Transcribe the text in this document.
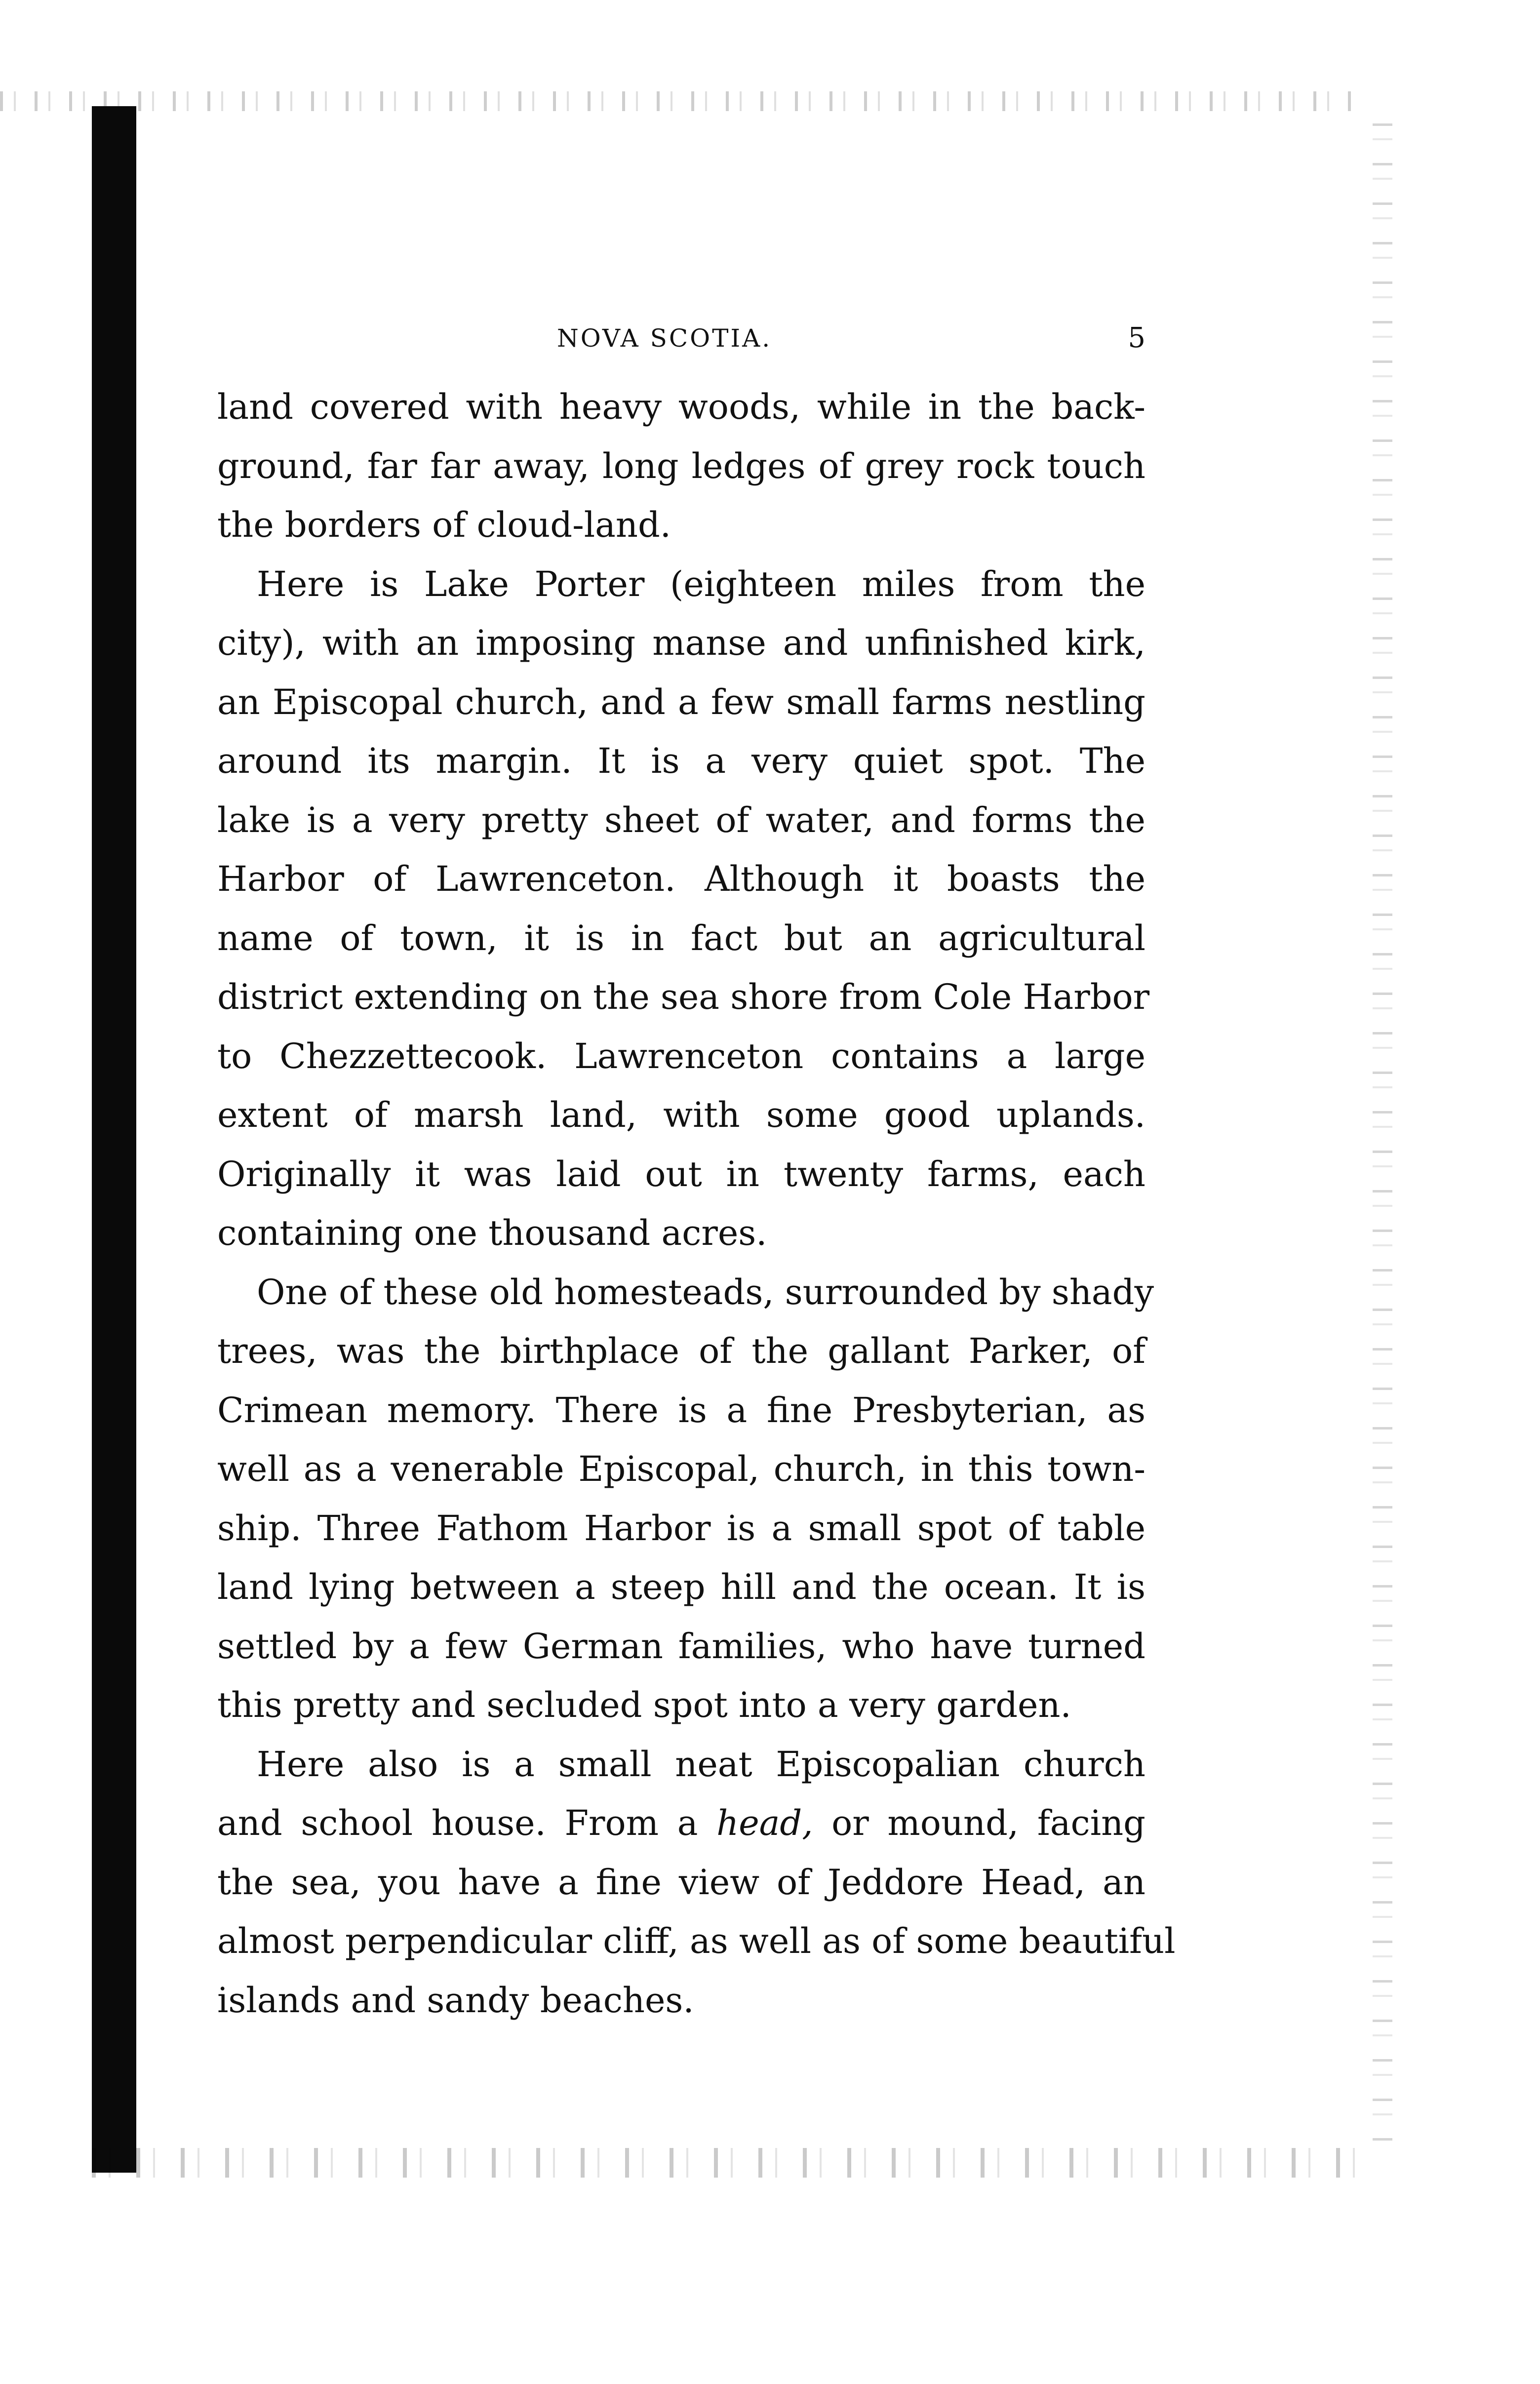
NOVA SCOTIA.	5

land covered with heavy woods, while in the back-
ground, far far away, long ledges of grey rock touch
the borders of cloud-land.

Here is Lake Porter (eighteen miles from the
city), with an imposing manse and unfinished kirk,
an Episcopal church, and a few small farms nestling
around its margin. It is a very quiet spot. The
lake is a very pretty sheet of water, and forms the
Harbor of Lawrenceton. Although it boasts the
name of town, it is in fact but an agricultural
district extending on the sea shore from Cole Harbor
to Chezzettecook. Lawrenceton contains a large
extent of marsh land, with some good uplands.
Originally it was laid out in twenty farms, each
containing one thousand acres.

One of these old homesteads, surrounded by shady
trees, was the birthplace of the gallant Parker, of
Crimean memory. There is a fine Presbyterian, as
well as a venerable Episcopal, church, in this town-
ship. Three Fathom Harbor is a small spot of table
land lying between a steep hill and the ocean. It is
settled by a few German families, who have turned
this pretty and secluded spot into a very garden.

Here also is a small neat Episcopalian church
and school house. From a head, or mound, facing
the sea, you have a fine view of Jeddore Head, an
almost perpendicular cliff, as well as of some beautiful
islands and sandy beaches.
